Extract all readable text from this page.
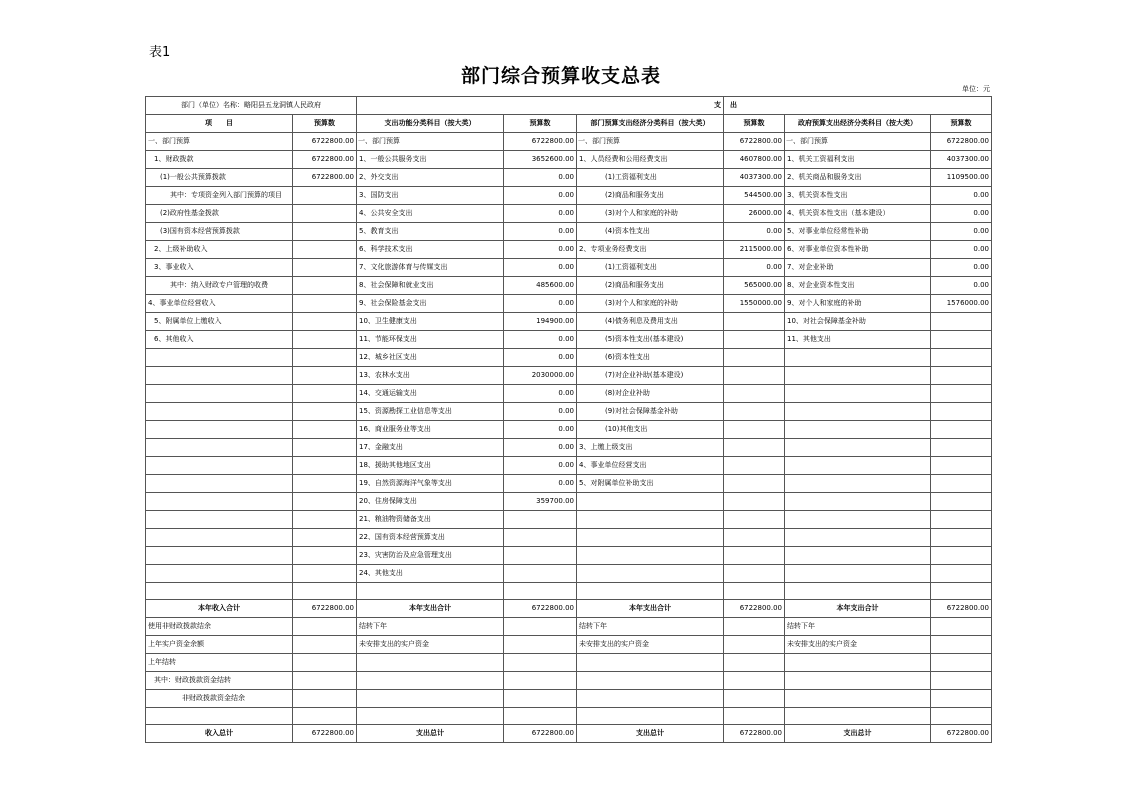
表1
部门综合预算收支总表
单位：元
部门（单位）名称：略阳县五龙洞镇人民政府		支			出		
项　　目	预算数	支出功能分类科目（按大类）	预算数	部门预算支出经济分类科目（按大类）	预算数	政府预算支出经济分类科目（按大类）	预算数
一、部门预算	6722800.00	一、部门预算	6722800.00	一、部门预算	6722800.00	一、部门预算	6722800.00
1、财政拨款	6722800.00	1、一般公共服务支出	3652600.00	1、人员经费和公用经费支出	4607800.00	1、机关工资福利支出	4037300.00
(1)一般公共预算拨款	6722800.00	2、外交支出	0.00	(1)工资福利支出	4037300.00	2、机关商品和服务支出	1109500.00
其中：专项资金列入部门预算的项目		3、国防支出	0.00	(2)商品和服务支出	544500.00	3、机关资本性支出	0.00
(2)政府性基金拨款		4、公共安全支出	0.00	(3)对个人和家庭的补助	26000.00	4、机关资本性支出（基本建设）	0.00
(3)国有资本经营预算拨款		5、教育支出	0.00	(4)资本性支出	0.00	5、对事业单位经常性补助	0.00
2、上级补助收入		6、科学技术支出	0.00	2、专项业务经费支出	2115000.00	6、对事业单位资本性补助	0.00
3、事业收入		7、文化旅游体育与传媒支出	0.00	(1)工资福利支出	0.00	7、对企业补助	0.00
其中：纳入财政专户管理的收费		8、社会保障和就业支出	485600.00	(2)商品和服务支出	565000.00	8、对企业资本性支出	0.00
4、事业单位经营收入		9、社会保险基金支出	0.00	(3)对个人和家庭的补助	1550000.00	9、对个人和家庭的补助	1576000.00
5、附属单位上缴收入		10、卫生健康支出	194900.00	(4)债务利息及费用支出		10、对社会保障基金补助	
6、其他收入		11、节能环保支出	0.00	(5)资本性支出(基本建设)		11、其他支出	
		12、城乡社区支出	0.00	(6)资本性支出			
		13、农林水支出	2030000.00	(7)对企业补助(基本建设)			
		14、交通运输支出	0.00	(8)对企业补助			
		15、资源勘探工业信息等支出	0.00	(9)对社会保障基金补助			
		16、商业服务业等支出	0.00	(10)其他支出			
		17、金融支出	0.00	3、上缴上级支出			
		18、援助其他地区支出	0.00	4、事业单位经营支出			
		19、自然资源海洋气象等支出	0.00	5、对附属单位补助支出			
		20、住房保障支出	359700.00				
		21、粮油物资储备支出					
		22、国有资本经营预算支出					
		23、灾害防治及应急管理支出					
		24、其他支出					

本年收入合计	6722800.00	本年支出合计	6722800.00	本年支出合计	6722800.00	本年支出合计	6722800.00
使用非财政拨款结余		结转下年		结转下年		结转下年	
上年实户资金余额		未安排支出的实户资金		未安排支出的实户资金		未安排支出的实户资金	
上年结转							
其中：财政拨款资金结转							
非财政拨款资金结余							

收入总计	6722800.00	支出总计	6722800.00	支出总计	6722800.00	支出总计	6722800.00
